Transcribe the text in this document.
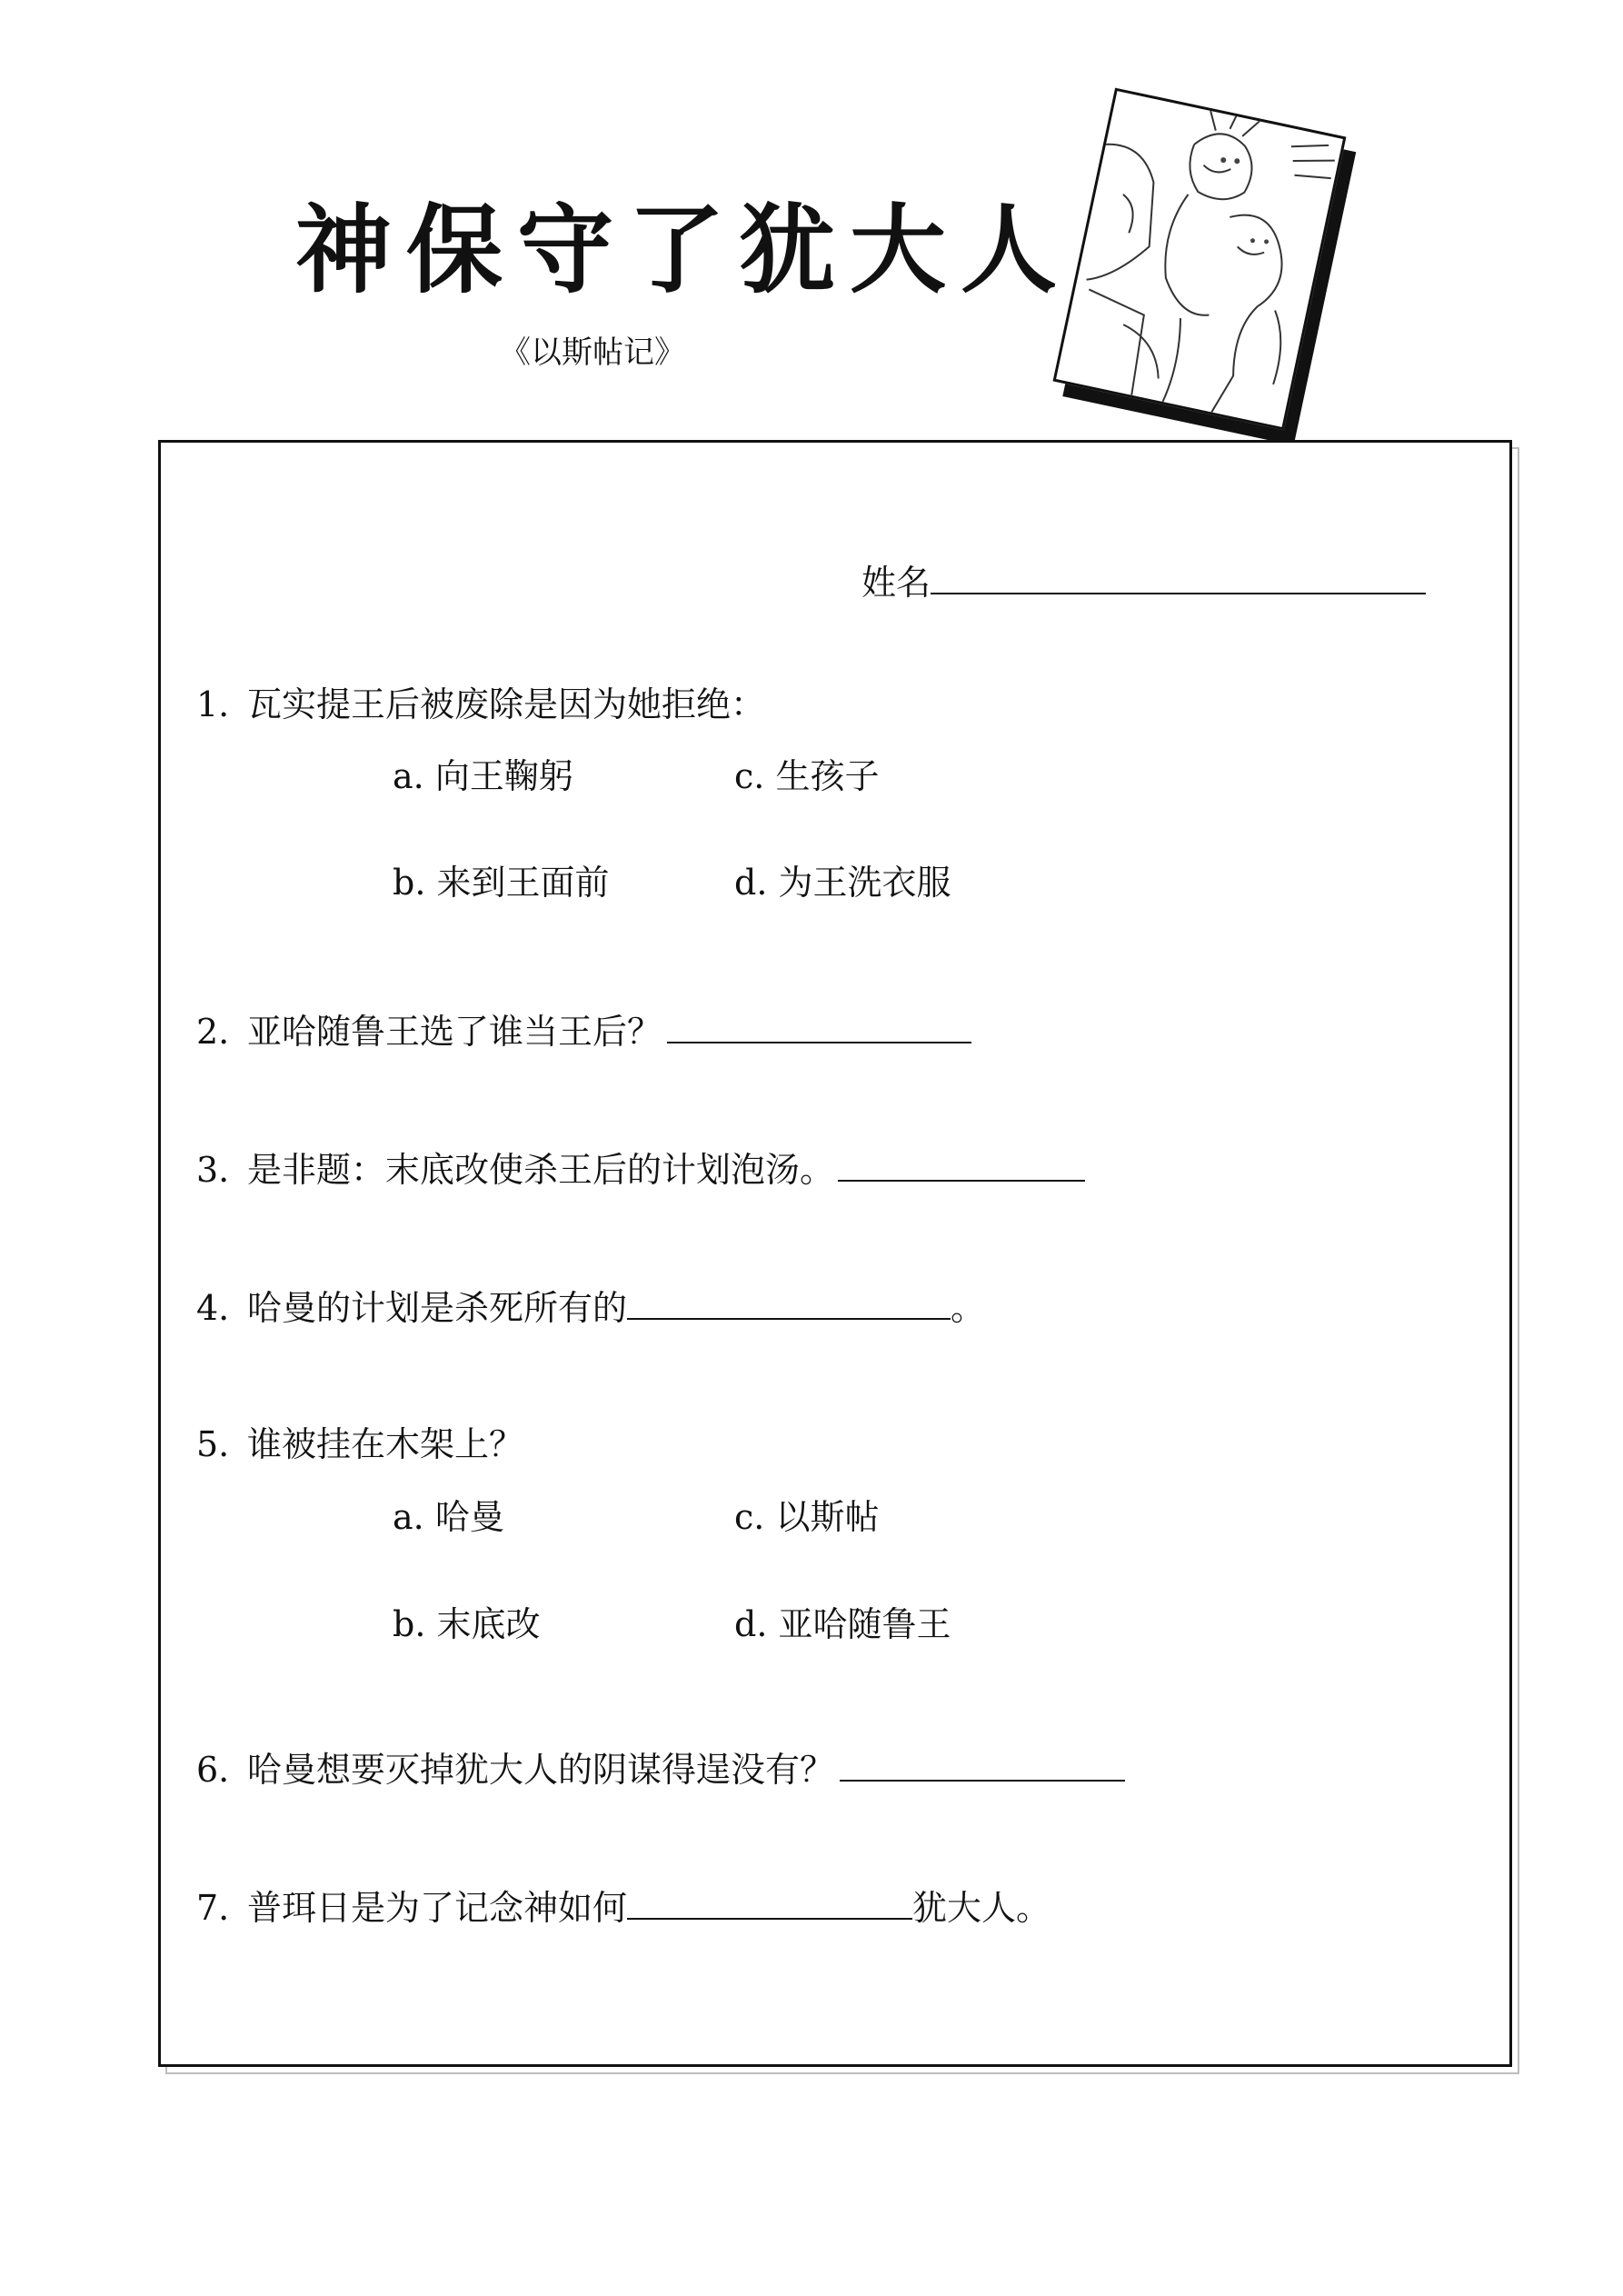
神保守了犹大人
《以斯帖记》
姓名
1. 瓦实提王后被废除是因为她拒绝：
a. 向王鞠躬	c. 生孩子
b. 来到王面前	d. 为王洗衣服
2. 亚哈随鲁王选了谁当王后？
3. 是非题：末底改使杀王后的计划泡汤。
4. 哈曼的计划是杀死所有的	。
5. 谁被挂在木架上？
a. 哈曼	c. 以斯帖
b. 末底改	d. 亚哈随鲁王
6. 哈曼想要灭掉犹大人的阴谋得逞没有？
7. 普珥日是为了记念神如何	犹大人。
